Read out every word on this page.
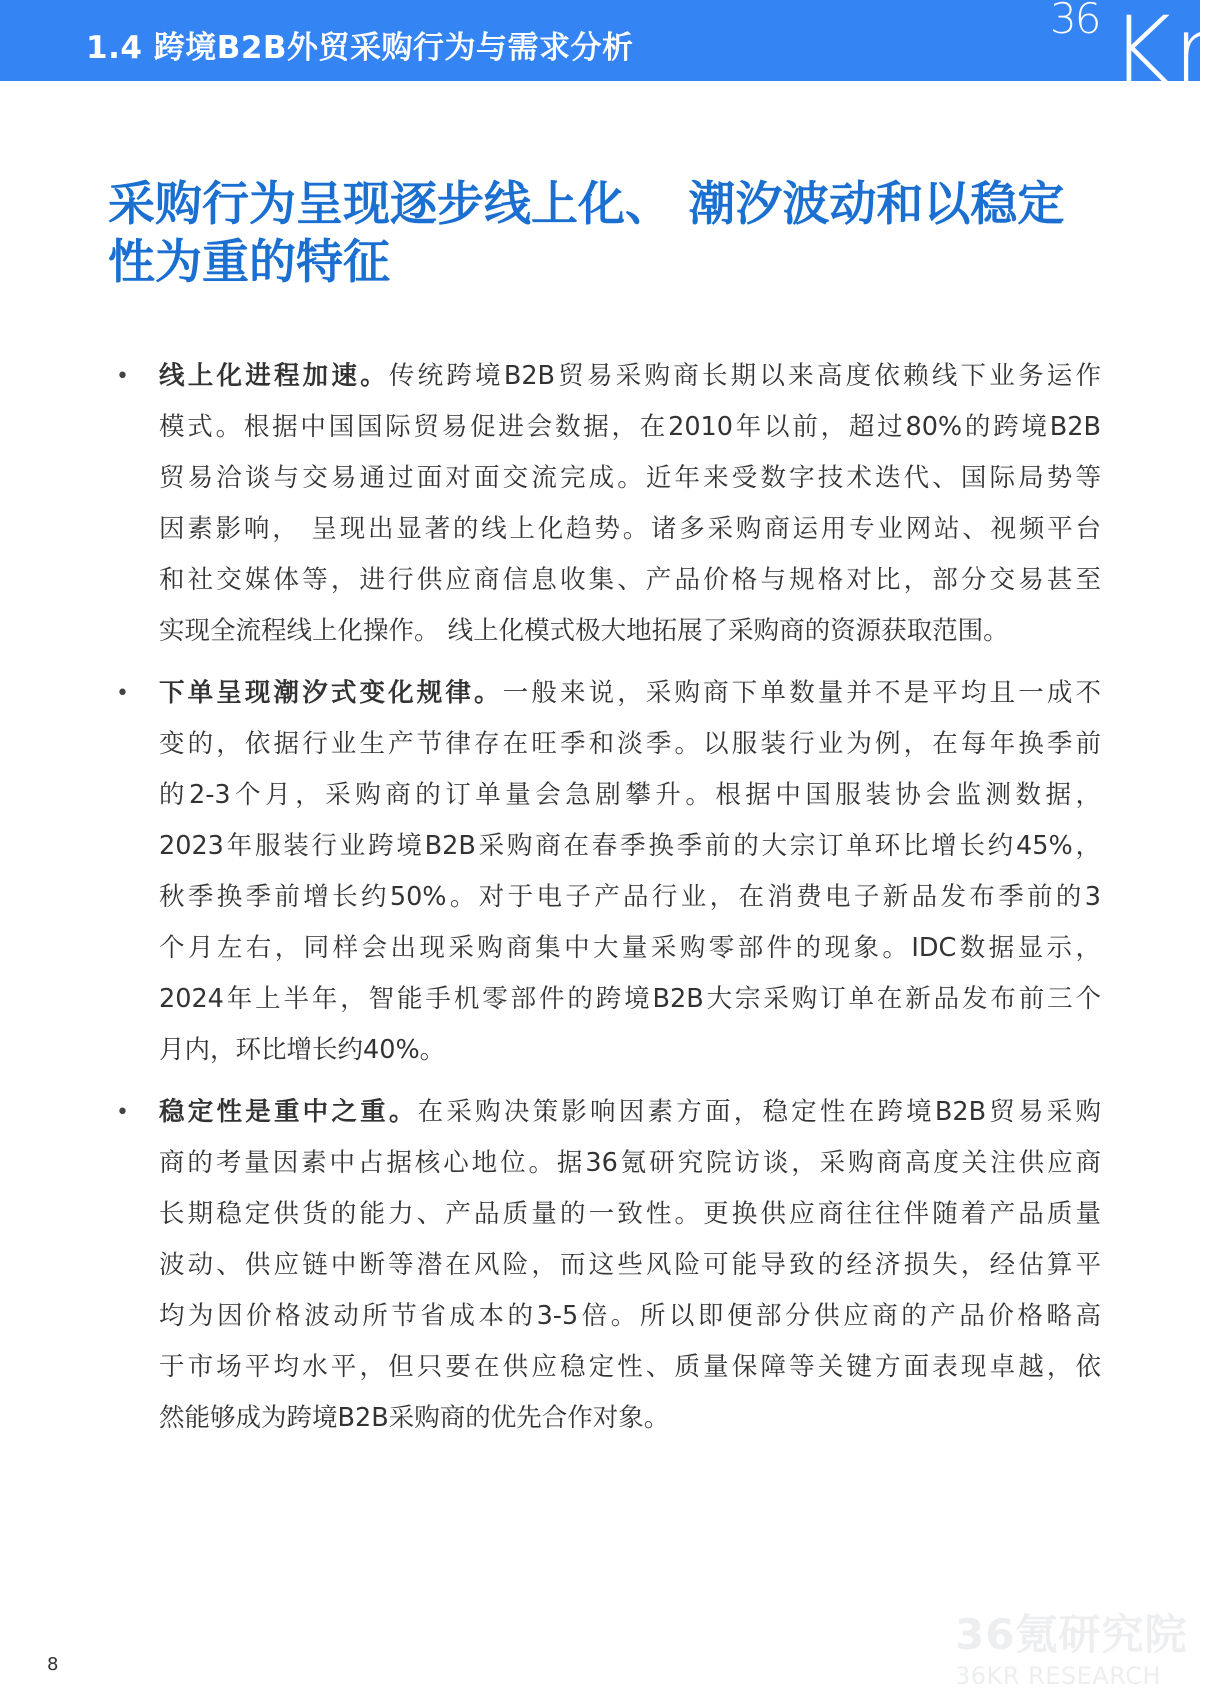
1.4 跨境B2B外贸采购行为与需求分析
36 Kr
采购行为呈现逐步线上化、 潮汐波动和以稳定
性为重的特征
• 线上化进程加速。传统跨境B2B贸易采购商长期以来高度依赖线下业务运作
模式。根据中国国际贸易促进会数据，在2010年以前，超过80%的跨境B2B
贸易洽谈与交易通过面对面交流完成。近年来受数字技术迭代、国际局势等
因素影响， 呈现出显著的线上化趋势。诸多采购商运用专业网站、视频平台
和社交媒体等，进行供应商信息收集、产品价格与规格对比，部分交易甚至
实现全流程线上化操作。 线上化模式极大地拓展了采购商的资源获取范围。
• 下单呈现潮汐式变化规律。一般来说，采购商下单数量并不是平均且一成不
变的，依据行业生产节律存在旺季和淡季。以服装行业为例，在每年换季前
的2-3个月，采购商的订单量会急剧攀升。根据中国服装协会监测数据，
2023年服装行业跨境B2B采购商在春季换季前的大宗订单环比增长约45%，
秋季换季前增长约50%。对于电子产品行业，在消费电子新品发布季前的3
个月左右，同样会出现采购商集中大量采购零部件的现象。IDC数据显示，
2024年上半年，智能手机零部件的跨境B2B大宗采购订单在新品发布前三个
月内，环比增长约40%。
• 稳定性是重中之重。在采购决策影响因素方面，稳定性在跨境B2B贸易采购
商的考量因素中占据核心地位。据36氪研究院访谈，采购商高度关注供应商
长期稳定供货的能力、产品质量的一致性。更换供应商往往伴随着产品质量
波动、供应链中断等潜在风险，而这些风险可能导致的经济损失，经估算平
均为因价格波动所节省成本的3-5倍。所以即便部分供应商的产品价格略高
于市场平均水平，但只要在供应稳定性、质量保障等关键方面表现卓越，依
然能够成为跨境B2B采购商的优先合作对象。
36氪研究院
36KR RESEARCH
8
